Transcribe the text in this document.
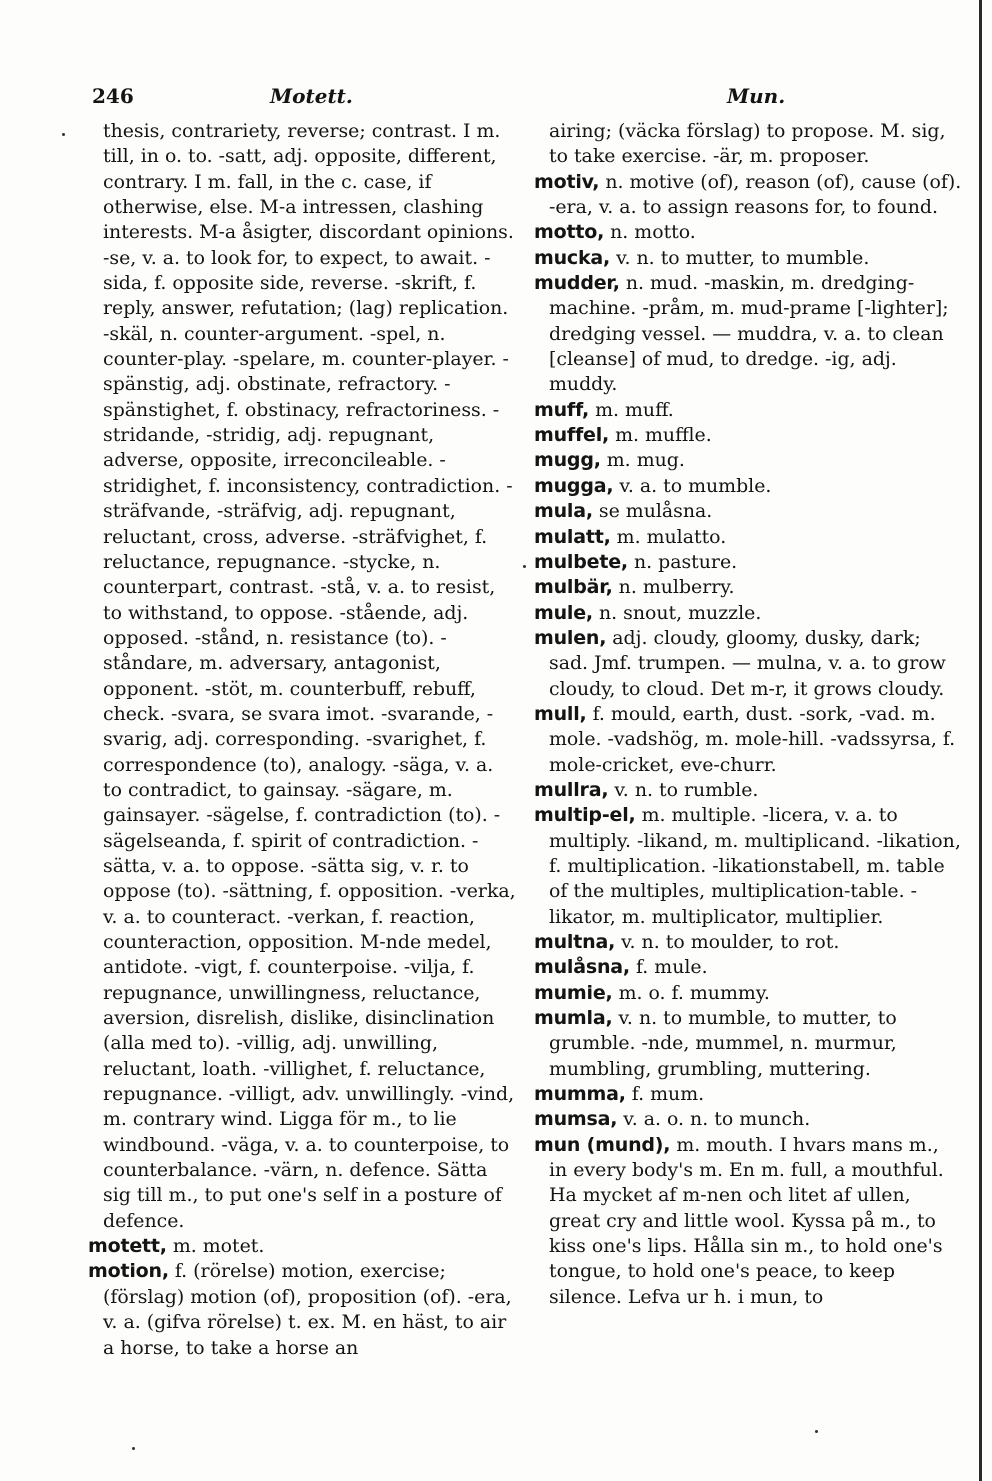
246	Motett.	Mun.

thesis, contrariety, reverse; contrast. I m. till, in o. to. -satt, adj. opposite, different, contrary. I m. fall, in the c. case, if otherwise, else. M-a intressen, clashing interests. M-a åsigter, discordant opinions. -se, v. a. to look for, to expect, to await. -sida, f. opposite side, reverse. -skrift, f. reply, answer, refutation; (lag) replication. -skäl, n. counter-argument. -spel, n. counter-play. -spelare, m. counter-player. -spänstig, adj. obstinate, refractory. -spänstighet, f. obstinacy, refractoriness. -stridande, -stridig, adj. repugnant, adverse, opposite, irreconcileable. -stridighet, f. inconsistency, contradiction. -sträfvande, -sträfvig, adj. repugnant, reluctant, cross, adverse. -sträfvighet, f. reluctance, repugnance. -stycke, n. counterpart, contrast. -stå, v. a. to resist, to withstand, to oppose. -stående, adj. opposed. -stånd, n. resistance (to). -ståndare, m. adversary, antagonist, opponent. -stöt, m. counterbuff, rebuff, check. -svara, se svara imot. -svarande, -svarig, adj. corresponding. -svarighet, f. correspondence (to), analogy. -säga, v. a. to contradict, to gainsay. -sägare, m. gainsayer. -sägelse, f. contradiction (to). -sägelseanda, f. spirit of contradiction. -sätta, v. a. to oppose. -sätta sig, v. r. to oppose (to). -sättning, f. opposition. -verka, v. a. to counteract. -verkan, f. reaction, counteraction, opposition. M-nde medel, antidote. -vigt, f. counterpoise. -vilja, f. repugnance, unwillingness, reluctance, aversion, disrelish, dislike, disinclination (alla med to). -villig, adj. unwilling, reluctant, loath. -villighet, f. reluctance, repugnance. -villigt, adv. unwillingly. -vind, m. contrary wind. Ligga för m., to lie windbound. -väga, v. a. to counterpoise, to counterbalance. -värn, n. defence. Sätta sig till m., to put one's self in a posture of defence.

motett, m. motet.

motion, f. (rörelse) motion, exercise; (förslag) motion (of), proposition (of). -era, v. a. (gifva rörelse) t. ex. M. en häst, to air a horse, to take a horse an

airing; (väcka förslag) to propose. M. sig, to take exercise. -är, m. proposer.

motiv, n. motive (of), reason (of), cause (of). -era, v. a. to assign reasons for, to found.

motto, n. motto.

mucka, v. n. to mutter, to mumble.

mudder, n. mud. -maskin, m. dredging-machine. -pråm, m. mud-prame [-lighter]; dredging vessel. — muddra, v. a. to clean [cleanse] of mud, to dredge. -ig, adj. muddy.

muff, m. muff.

muffel, m. muffle.

mugg, m. mug.

mugga, v. a. to mumble.

mula, se mulåsna.

mulatt, m. mulatto.

mulbete, n. pasture.

mulbär, n. mulberry.

mule, n. snout, muzzle.

mulen, adj. cloudy, gloomy, dusky, dark; sad. Jmf. trumpen. — mulna, v. a. to grow cloudy, to cloud. Det m-r, it grows cloudy.

mull, f. mould, earth, dust. -sork, -vad. m. mole. -vadshög, m. mole-hill. -vadssyrsa, f. mole-cricket, eve-churr.

mullra, v. n. to rumble.

multip-el, m. multiple. -licera, v. a. to multiply. -likand, m. multiplicand. -likation, f. multiplication. -likationstabell, m. table of the multiples, multiplication-table. -likator, m. multiplicator, multiplier.

multna, v. n. to moulder, to rot.

mulåsna, f. mule.

mumie, m. o. f. mummy.

mumla, v. n. to mumble, to mutter, to grumble. -nde, mummel, n. murmur, mumbling, grumbling, muttering.

mumma, f. mum.

mumsa, v. a. o. n. to munch.

mun (mund), m. mouth. I hvars mans m., in every body's m. En m. full, a mouthful. Ha mycket af m-nen och litet af ullen, great cry and little wool. Kyssa på m., to kiss one's lips. Hålla sin m., to hold one's tongue, to hold one's peace, to keep silence. Lefva ur h. i mun, to
